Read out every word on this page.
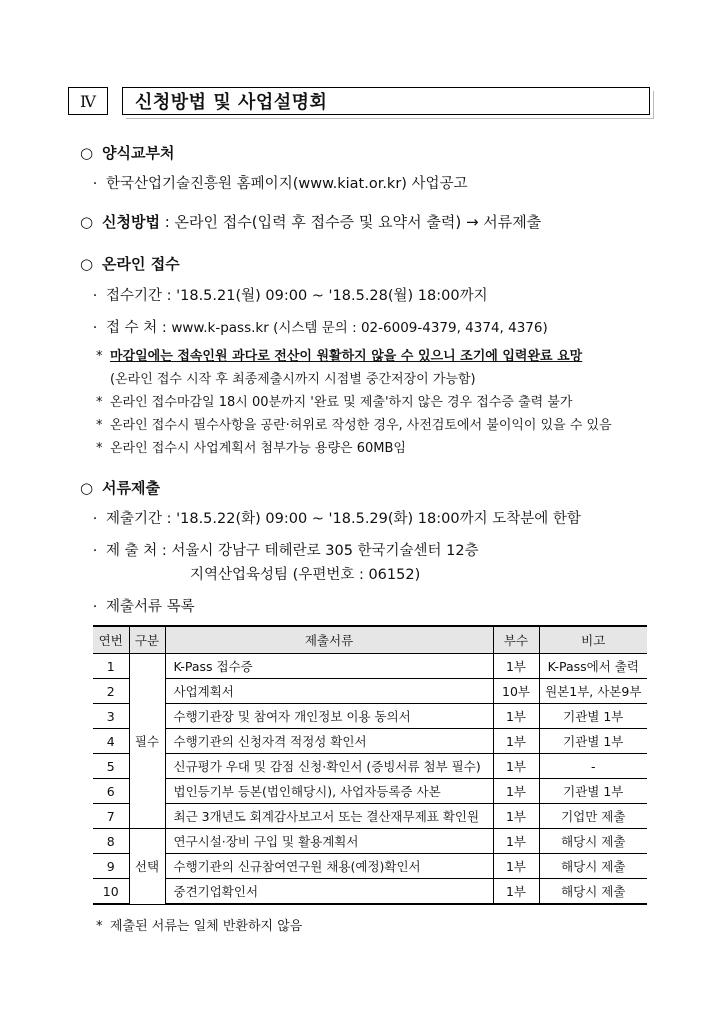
Ⅳ	신청방법 및 사업설명회
○ 양식교부처
· 한국산업기술진흥원 홈페이지(www.kiat.or.kr) 사업공고
○ 신청방법 : 온라인 접수(입력 후 접수증 및 요약서 출력) → 서류제출
○ 온라인 접수
· 접수기간 : '18.5.21(월) 09:00 ~ '18.5.28(월) 18:00까지
· 접 수 처 : www.k-pass.kr (시스템 문의 : 02-6009-4379, 4374, 4376)
* 마감일에는 접속인원 과다로 전산이 원활하지 않을 수 있으니 조기에 입력완료 요망
(온라인 접수 시작 후 최종제출시까지 시점별 중간저장이 가능함)
* 온라인 접수마감일 18시 00분까지 '완료 및 제출'하지 않은 경우 접수증 출력 불가
* 온라인 접수시 필수사항을 공란·허위로 작성한 경우, 사전검토에서 불이익이 있을 수 있음
* 온라인 접수시 사업계획서 첨부가능 용량은 60MB임
○ 서류제출
· 제출기간 : '18.5.22(화) 09:00 ~ '18.5.29(화) 18:00까지 도착분에 한함
· 제 출 처 : 서울시 강남구 테헤란로 305 한국기술센터 12층
지역산업육성팀 (우편번호 : 06152)
· 제출서류 목록
연번	구분	제출서류	부수	비고
1	필수	K-Pass 접수증	1부	K-Pass에서 출력
2		사업계획서	10부	원본1부, 사본9부
3		수행기관장 및 참여자 개인정보 이용 동의서	1부	기관별 1부
4		수행기관의 신청자격 적정성 확인서	1부	기관별 1부
5		신규평가 우대 및 감점 신청·확인서 (증빙서류 첨부 필수)	1부	-
6		법인등기부 등본(법인해당시), 사업자등록증 사본	1부	기관별 1부
7		최근 3개년도 회계감사보고서 또는 결산재무제표 확인원	1부	기업만 제출
8	선택	연구시설·장비 구입 및 활용계획서	1부	해당시 제출
9		수행기관의 신규참여연구원 채용(예정)확인서	1부	해당시 제출
10		중견기업확인서	1부	해당시 제출
* 제출된 서류는 일체 반환하지 않음
